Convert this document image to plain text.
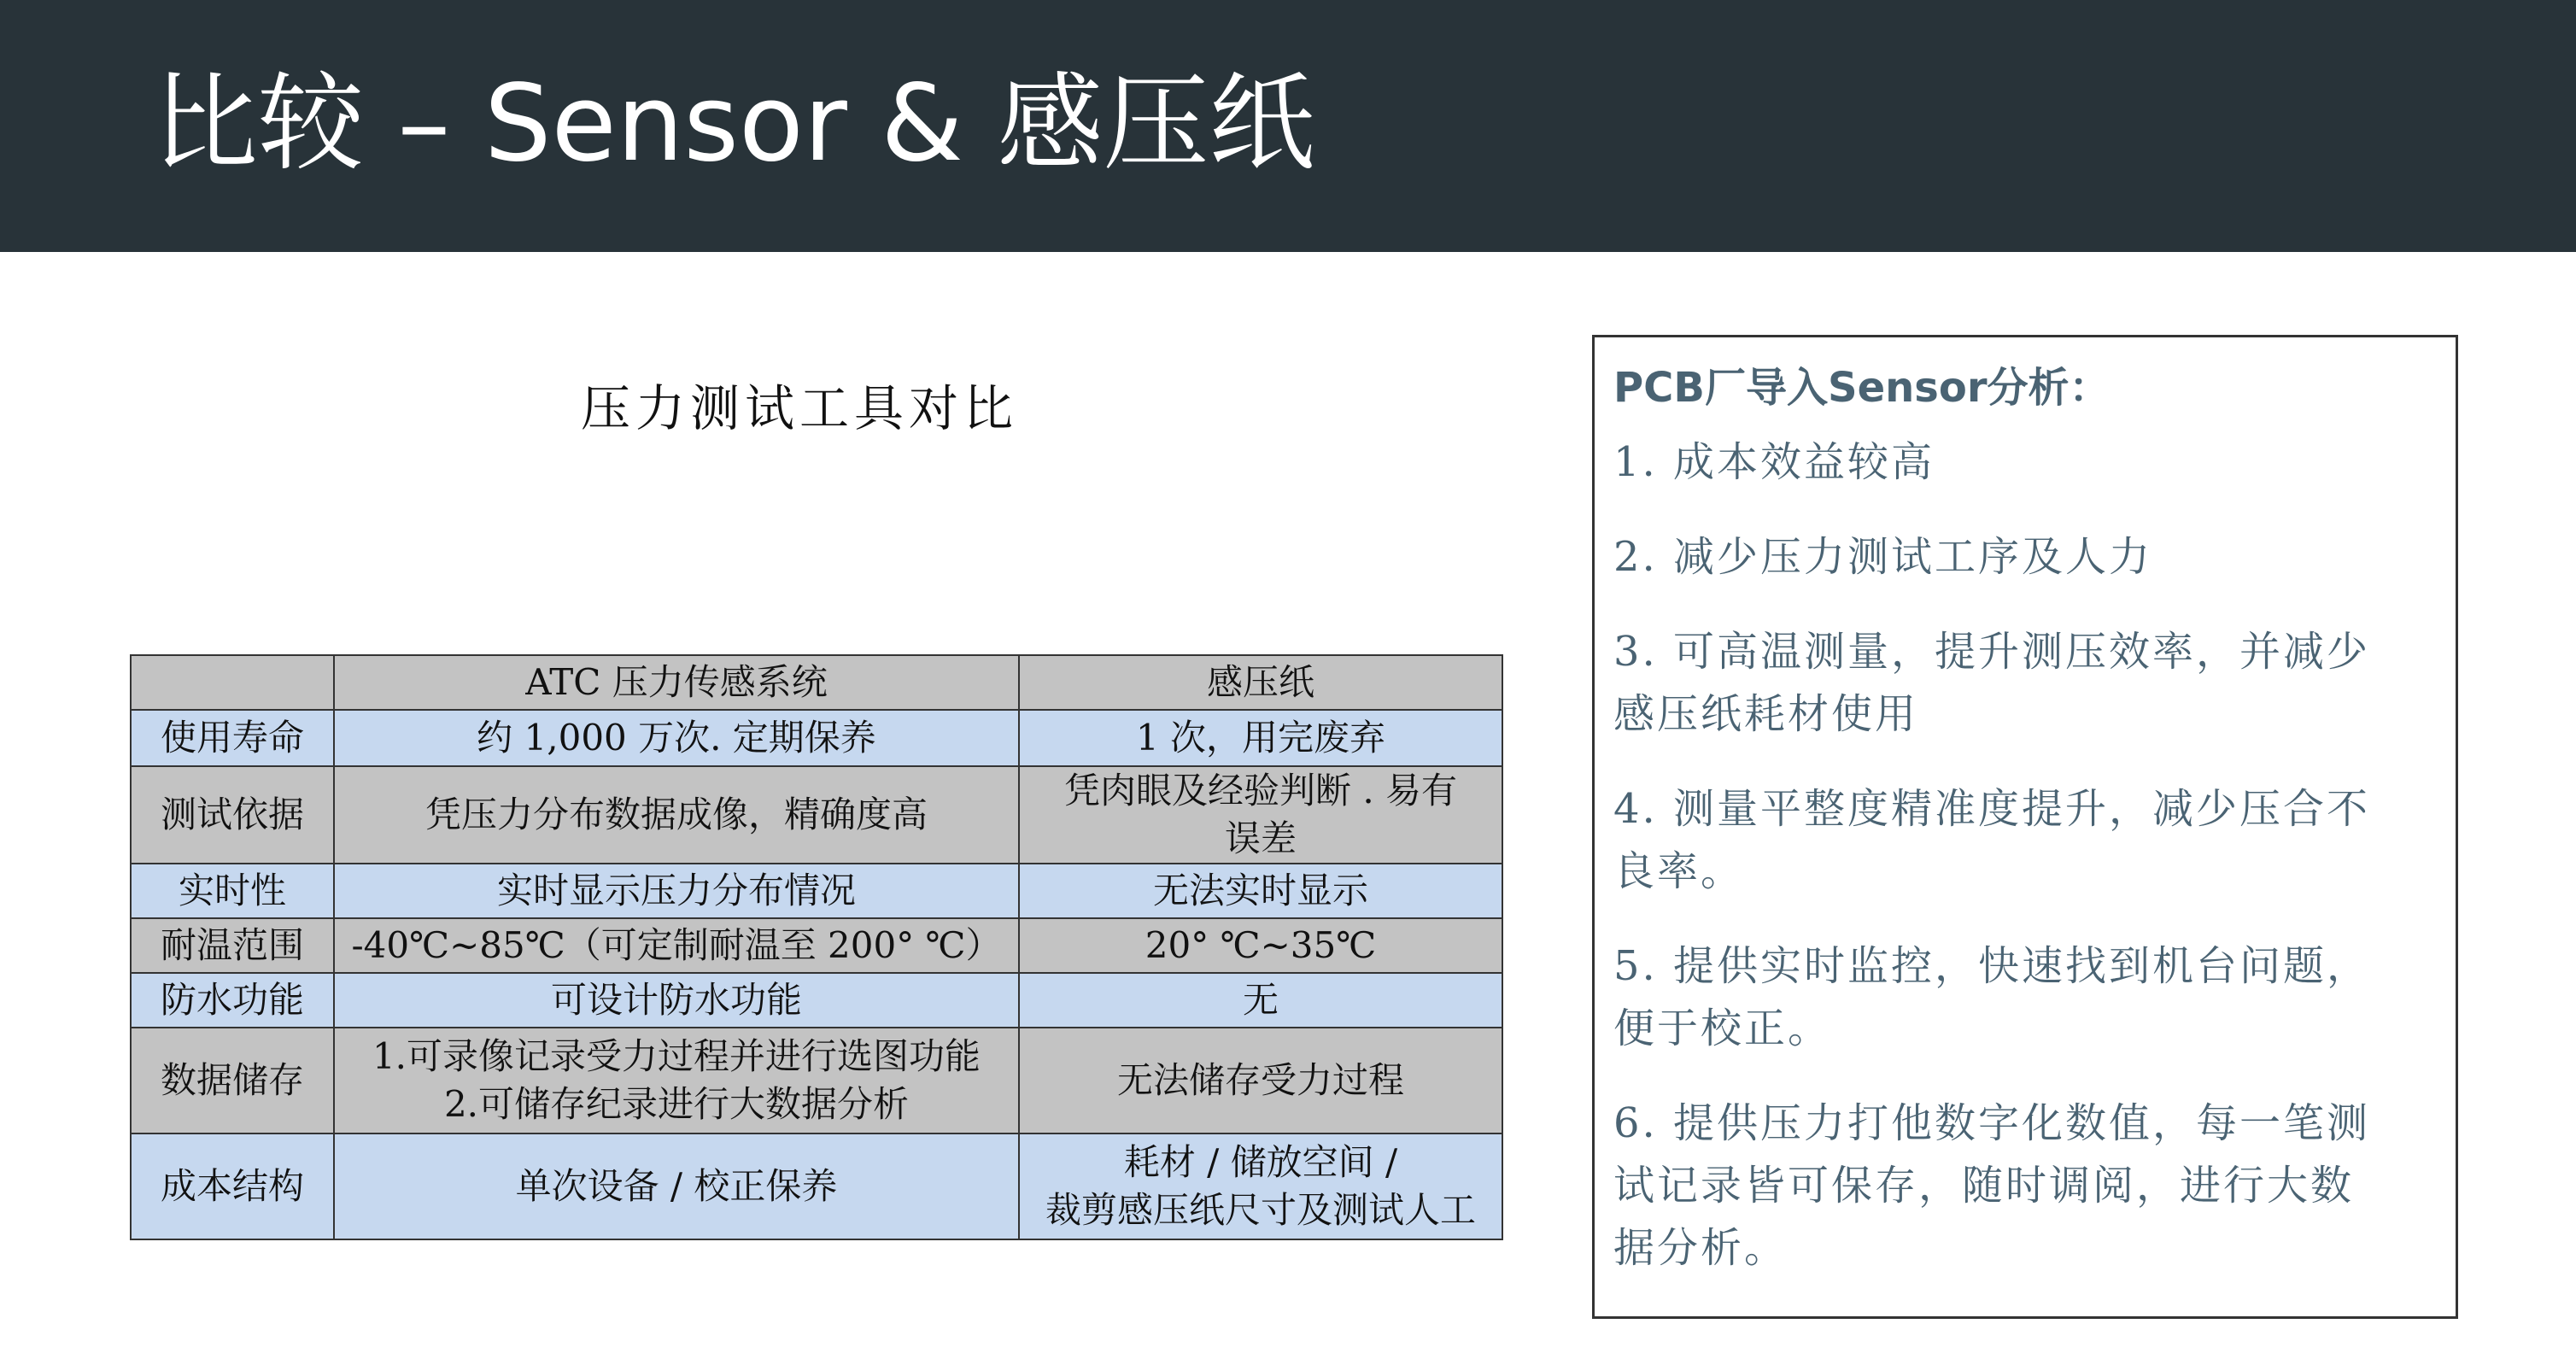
比较 – Sensor & 感压纸
压力测试工具对比
	ATC 压力传感系统	感压纸
使用寿命	约 1,000 万次. 定期保养	1 次，用完废弃

测试依据	凭压力分布数据成像，精确度高	凭肉眼及经验判断 . 易有
误差

实时性	实时显示压力分布情况	无法实时显示

耐温范围	-40℃~85℃（可定制耐温至 200° ℃）	20° ℃~35℃

防水功能	可设计防水功能	无

数据储存	1.可录像记录受力过程并进行选图功能
2.可储存纪录进行大数据分析	无法储存受力过程

成本结构	单次设备 / 校正保养	耗材 / 储放空间 /
裁剪感压纸尺寸及测试人工

PCB厂导入Sensor分析：

1. 成本效益较高
2. 减少压力测试工序及人力
3. 可高温测量，提升测压效率，并减少
感压纸耗材使用
4. 测量平整度精准度提升，减少压合不
良率。
5. 提供实时监控，快速找到机台问题，
便于校正。
6. 提供压力打他数字化数值，每一笔测
试记录皆可保存，随时调阅，进行大数
据分析。
